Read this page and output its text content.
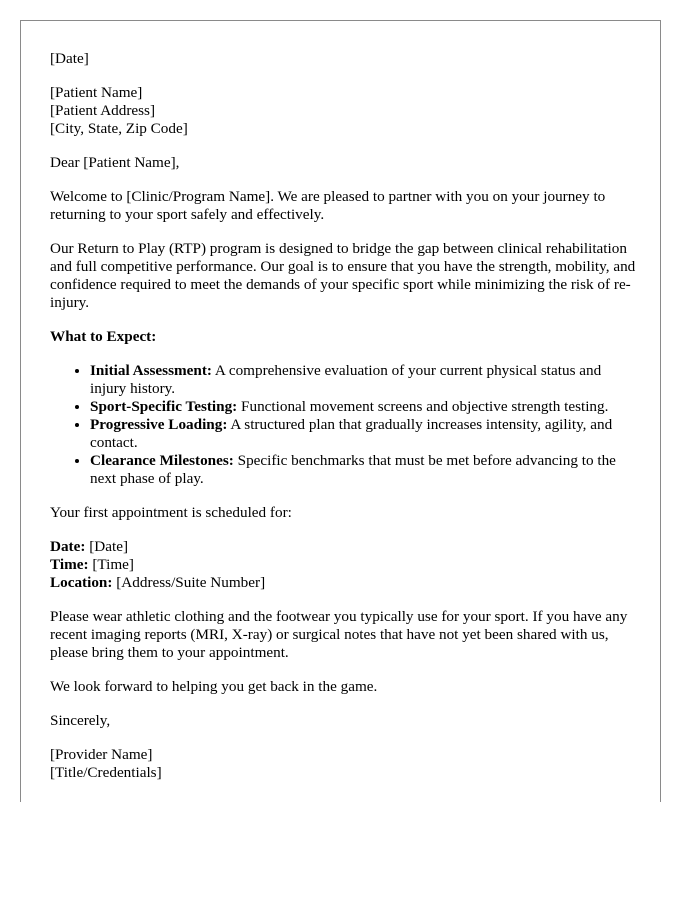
[Date]

[Patient Name]
[Patient Address]
[City, State, Zip Code]

Dear [Patient Name],

Welcome to [Clinic/Program Name]. We are pleased to partner with you on your journey to returning to your sport safely and effectively.

Our Return to Play (RTP) program is designed to bridge the gap between clinical rehabilitation and full competitive performance. Our goal is to ensure that you have the strength, mobility, and confidence required to meet the demands of your specific sport while minimizing the risk of re-injury.

What to Expect:

• Initial Assessment: A comprehensive evaluation of your current physical status and injury history.
• Sport-Specific Testing: Functional movement screens and objective strength testing.
• Progressive Loading: A structured plan that gradually increases intensity, agility, and contact.
• Clearance Milestones: Specific benchmarks that must be met before advancing to the next phase of play.

Your first appointment is scheduled for:

Date: [Date]
Time: [Time]
Location: [Address/Suite Number]

Please wear athletic clothing and the footwear you typically use for your sport. If you have any recent imaging reports (MRI, X-ray) or surgical notes that have not yet been shared with us, please bring them to your appointment.

We look forward to helping you get back in the game.

Sincerely,

[Provider Name]
[Title/Credentials]
